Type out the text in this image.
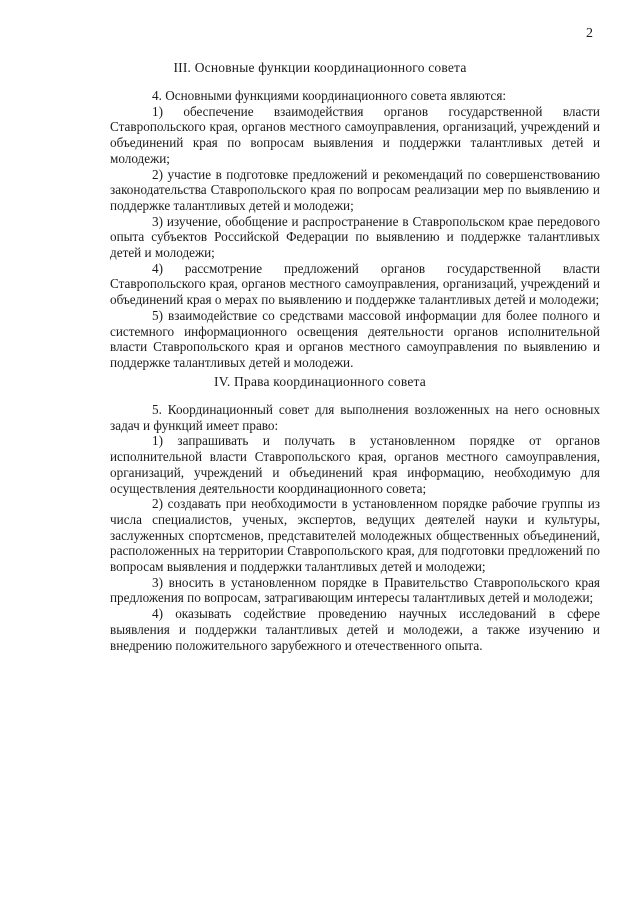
2
III. Основные функции координационного совета

4. Основными функциями координационного совета являются:

1) обеспечение взаимодействия органов государственной власти Ставропольского края, органов местного самоуправления, организаций, учреждений и объединений края по вопросам выявления и поддержки талантливых детей и молодежи;

2) участие в подготовке предложений и рекомендаций по совершенствованию законодательства Ставропольского края по вопросам реализации мер по выявлению и поддержке талантливых детей и молодежи;

3) изучение, обобщение и распространение в Ставропольском крае передового опыта субъектов Российской Федерации по выявлению и поддержке талантливых детей и молодежи;

4) рассмотрение предложений органов государственной власти Ставропольского края, органов местного самоуправления, организаций, учреждений и объединений края о мерах по выявлению и поддержке талантливых детей и молодежи;

5) взаимодействие со средствами массовой информации для более полного и системного информационного освещения деятельности органов исполнительной власти Ставропольского края и органов местного самоуправления по выявлению и поддержке талантливых детей и молодежи.

IV. Права координационного совета

5. Координационный совет для выполнения возложенных на него основных задач и функций имеет право:

1) запрашивать и получать в установленном порядке от органов исполнительной власти Ставропольского края, органов местного самоуправления, организаций, учреждений и объединений края информацию, необходимую для осуществления деятельности координационного совета;

2) создавать при необходимости в установленном порядке рабочие группы из числа специалистов, ученых, экспертов, ведущих деятелей науки и культуры, заслуженных спортсменов, представителей молодежных общественных объединений, расположенных на территории Ставропольского края, для подготовки предложений по вопросам выявления и поддержки талантливых детей и молодежи;

3) вносить в установленном порядке в Правительство Ставропольского края предложения по вопросам, затрагивающим интересы талантливых детей и молодежи;

4) оказывать содействие проведению научных исследований в сфере выявления и поддержки талантливых детей и молодежи, а также изучению и внедрению положительного зарубежного и отечественного опыта.
